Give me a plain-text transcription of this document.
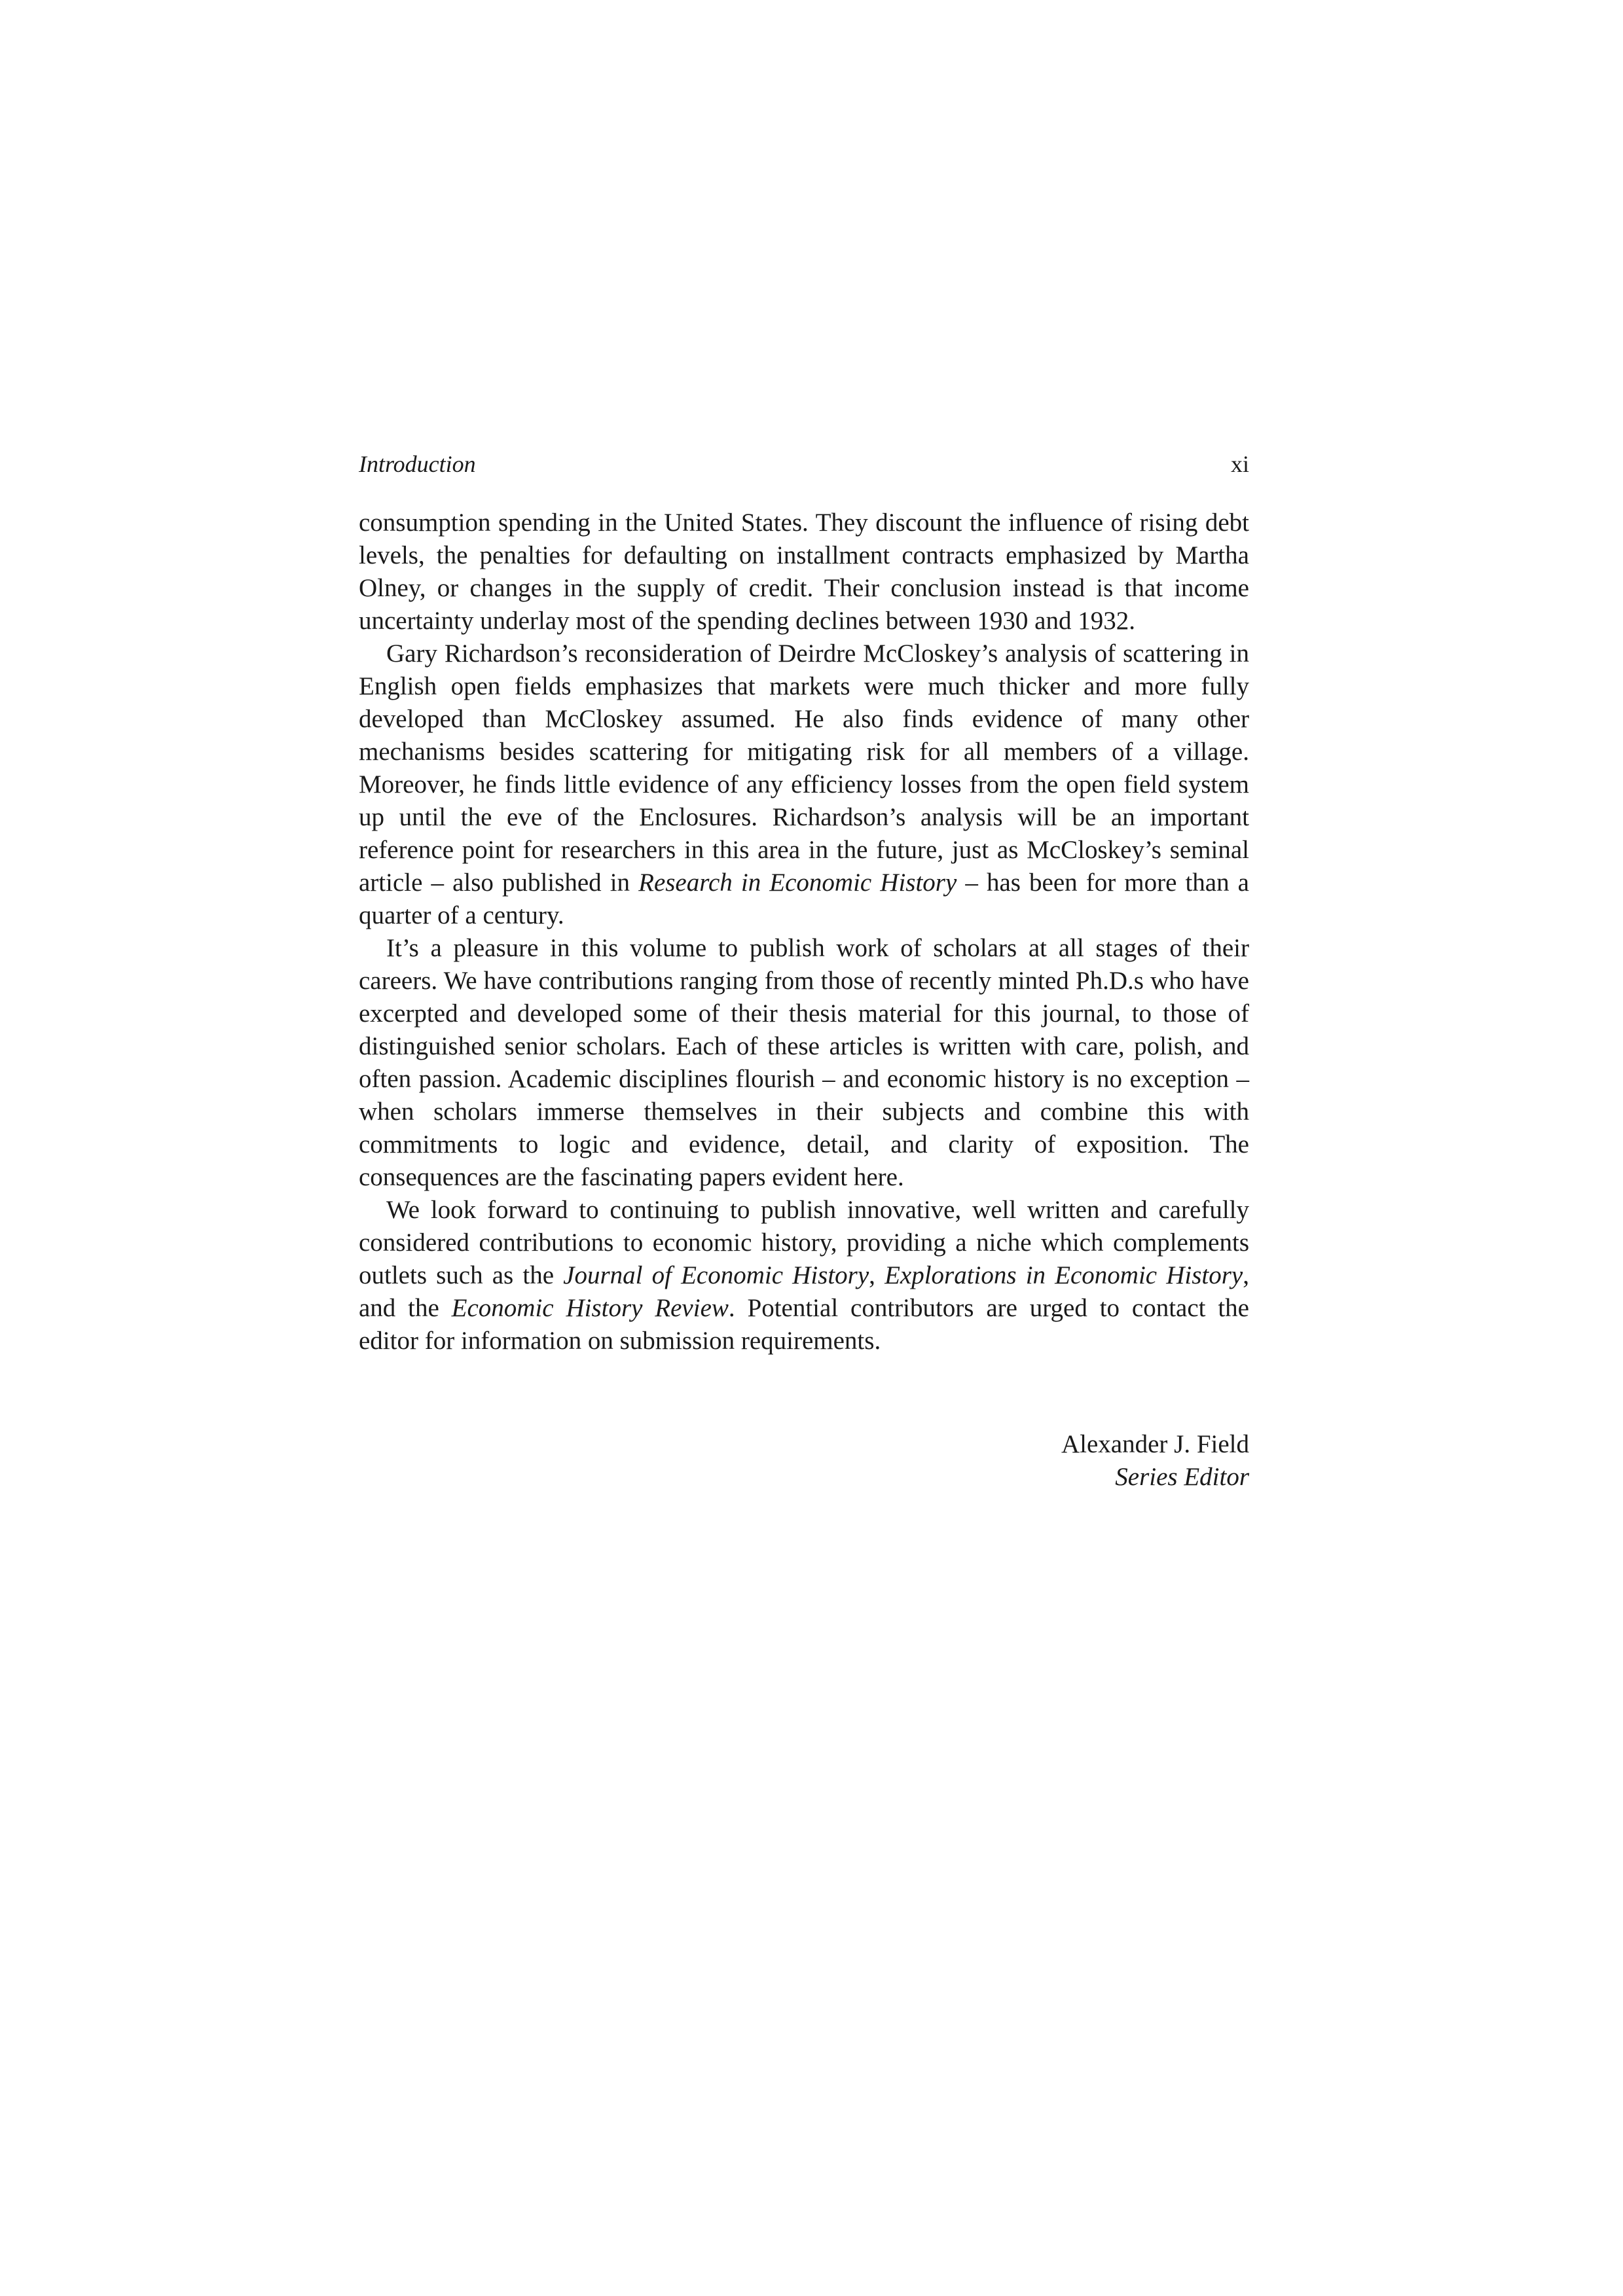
Introduction	xi

consumption spending in the United States. They discount the influence of rising debt levels, the penalties for defaulting on installment contracts emphasized by Martha Olney, or changes in the supply of credit. Their conclusion instead is that income uncertainty underlay most of the spending declines between 1930 and 1932.

Gary Richardson’s reconsideration of Deirdre McCloskey’s analysis of scattering in English open fields emphasizes that markets were much thicker and more fully developed than McCloskey assumed. He also finds evidence of many other mechanisms besides scattering for mitigating risk for all members of a village. Moreover, he finds little evidence of any efficiency losses from the open field system up until the eve of the Enclosures. Richardson’s analysis will be an important reference point for researchers in this area in the future, just as McCloskey’s seminal article – also published in Research in Economic History – has been for more than a quarter of a century.

It’s a pleasure in this volume to publish work of scholars at all stages of their careers. We have contributions ranging from those of recently minted Ph.D.s who have excerpted and developed some of their thesis material for this journal, to those of distinguished senior scholars. Each of these articles is written with care, polish, and often passion. Academic disciplines flourish – and economic history is no exception – when scholars immerse themselves in their subjects and combine this with commitments to logic and evidence, detail, and clarity of exposition. The consequences are the fascinating papers evident here.

We look forward to continuing to publish innovative, well written and carefully considered contributions to economic history, providing a niche which complements outlets such as the Journal of Economic History, Explorations in Economic History, and the Economic History Review. Potential contributors are urged to contact the editor for information on submission requirements.

Alexander J. Field
Series Editor
